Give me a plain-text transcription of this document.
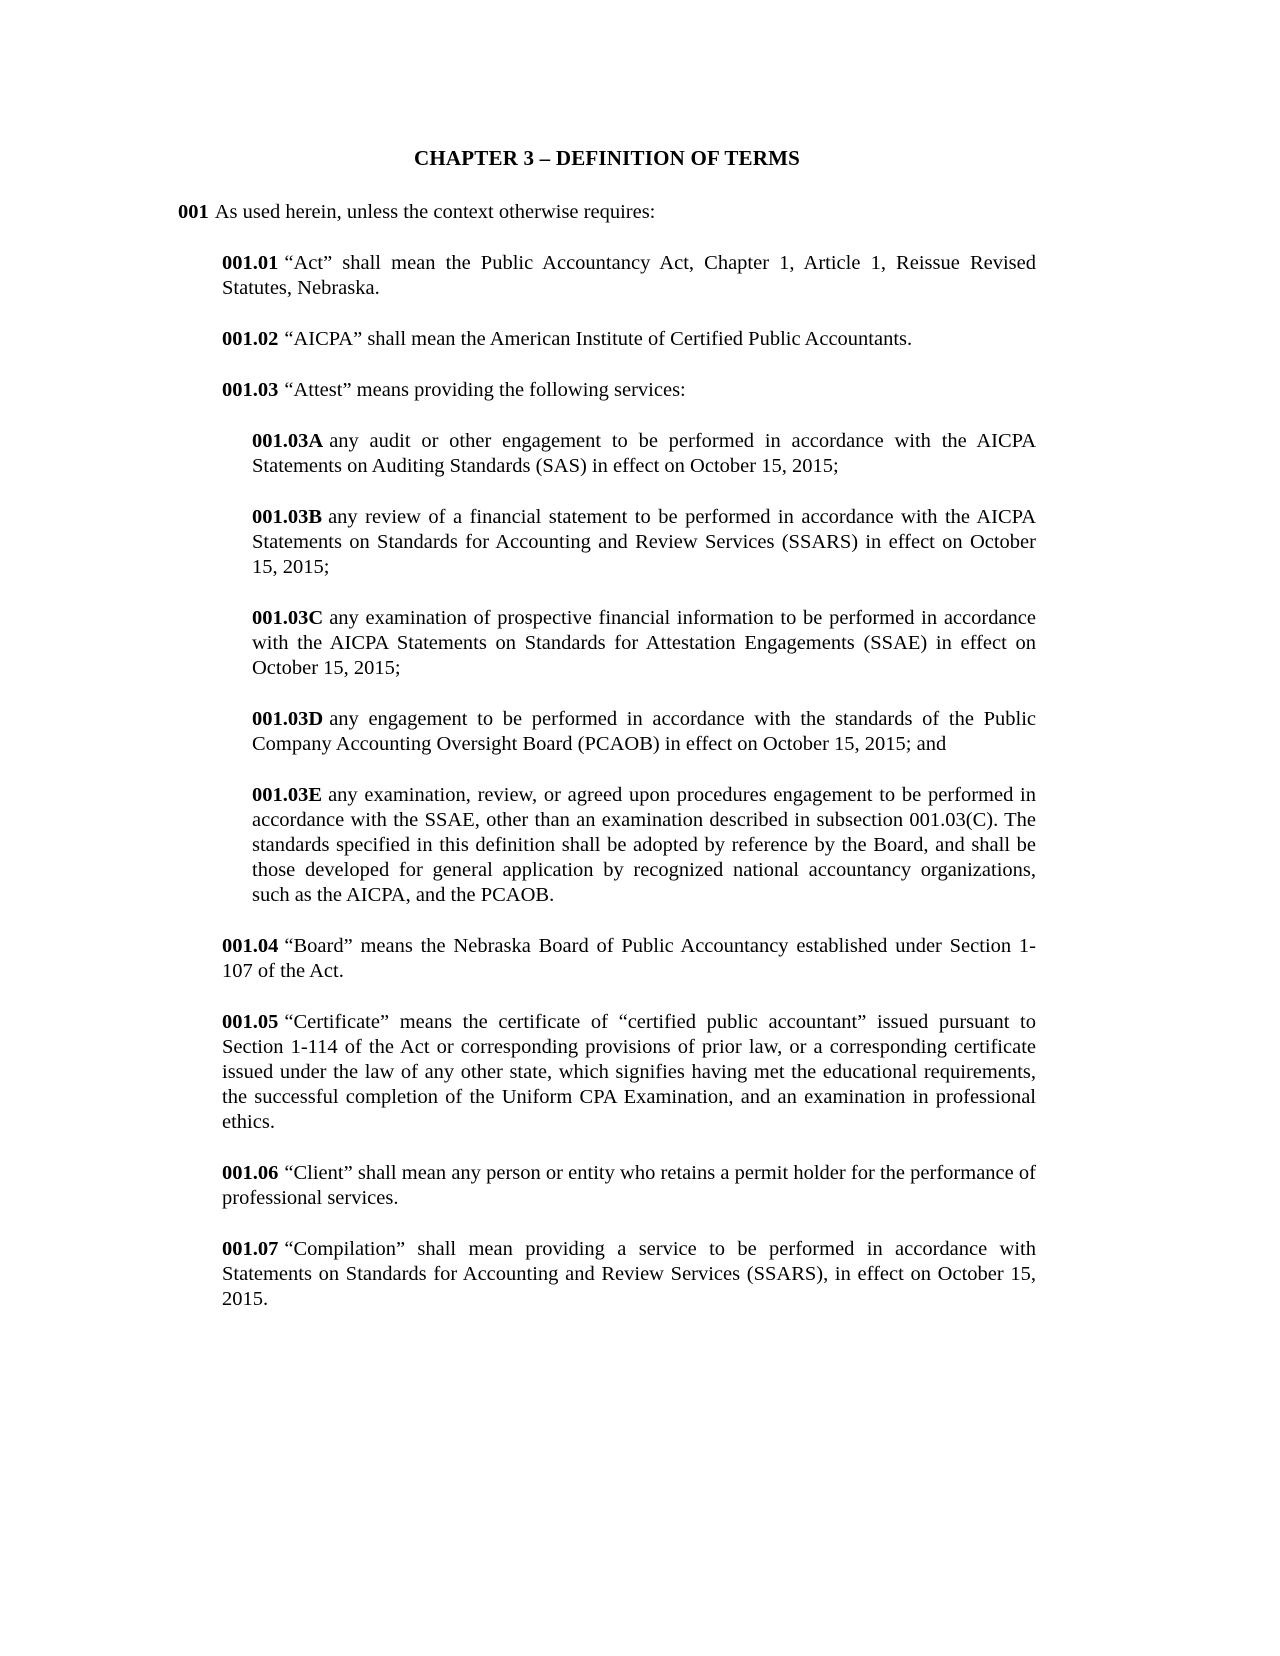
CHAPTER 3 – DEFINITION OF TERMS

001 As used herein, unless the context otherwise requires:

001.01 “Act” shall mean the Public Accountancy Act, Chapter 1, Article 1, Reissue Revised Statutes, Nebraska.

001.02 “AICPA” shall mean the American Institute of Certified Public Accountants.

001.03 “Attest” means providing the following services:

001.03A any audit or other engagement to be performed in accordance with the AICPA Statements on Auditing Standards (SAS) in effect on October 15, 2015;

001.03B any review of a financial statement to be performed in accordance with the AICPA Statements on Standards for Accounting and Review Services (SSARS) in effect on October 15, 2015;

001.03C any examination of prospective financial information to be performed in accordance with the AICPA Statements on Standards for Attestation Engagements (SSAE) in effect on October 15, 2015;

001.03D any engagement to be performed in accordance with the standards of the Public Company Accounting Oversight Board (PCAOB) in effect on October 15, 2015; and

001.03E any examination, review, or agreed upon procedures engagement to be performed in accordance with the SSAE, other than an examination described in subsection 001.03(C). The standards specified in this definition shall be adopted by reference by the Board, and shall be those developed for general application by recognized national accountancy organizations, such as the AICPA, and the PCAOB.

001.04 “Board” means the Nebraska Board of Public Accountancy established under Section 1-107 of the Act.

001.05 “Certificate” means the certificate of “certified public accountant” issued pursuant to Section 1-114 of the Act or corresponding provisions of prior law, or a corresponding certificate issued under the law of any other state, which signifies having met the educational requirements, the successful completion of the Uniform CPA Examination, and an examination in professional ethics.

001.06 “Client” shall mean any person or entity who retains a permit holder for the performance of professional services.

001.07 “Compilation” shall mean providing a service to be performed in accordance with Statements on Standards for Accounting and Review Services (SSARS), in effect on October 15, 2015.
